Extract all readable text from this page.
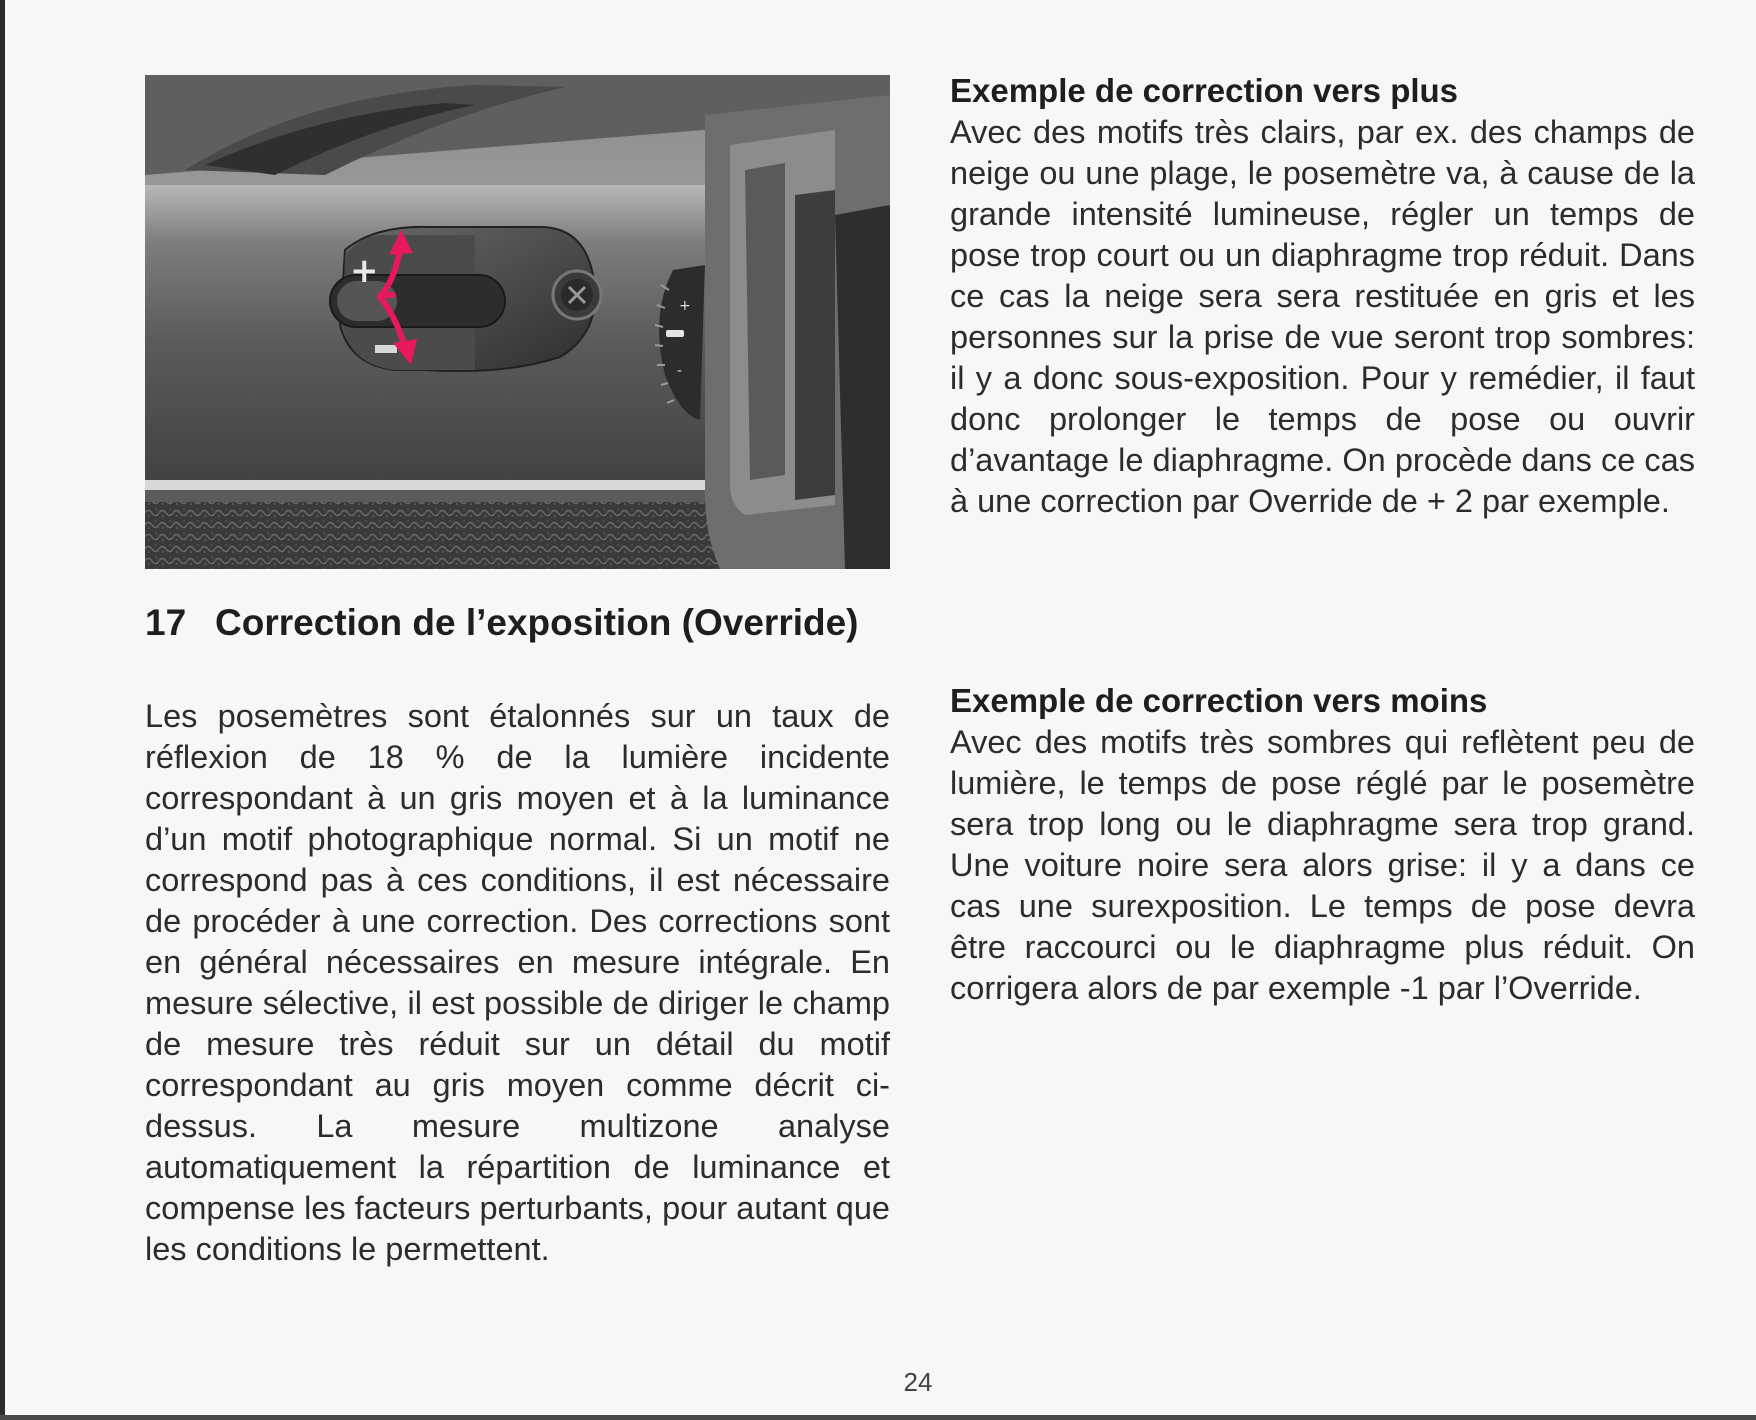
+
-
+
17 Correction de l’exposition (Override)

Les posemètres sont étalonnés sur un taux de réflexion de 18 % de la lumière incidente correspondant à un gris moyen et à la luminance d’un motif photographique normal. Si un motif ne correspond pas à ces conditions, il est nécessaire de procéder à une correction. Des corrections sont en général nécessaires en mesure intégrale. En mesure sélective, il est possible de diriger le champ de mesure très réduit sur un détail du motif correspondant au gris moyen comme décrit ci-dessus. La mesure multizone analyse automatiquement la répartition de luminance et compense les facteurs perturbants, pour autant que les conditions le permettent.

Exemple de correction vers plus

Avec des motifs très clairs, par ex. des champs de neige ou une plage, le posemètre va, à cause de la grande intensité lumineuse, régler un temps de pose trop court ou un diaphragme trop réduit. Dans ce cas la neige sera sera restituée en gris et les personnes sur la prise de vue seront trop sombres: il y a donc sous-exposition. Pour y remédier, il faut donc prolonger le temps de pose ou ouvrir d’avantage le diaphragme. On procède dans ce cas à une correction par Override de + 2 par exemple.

Exemple de correction vers moins

Avec des motifs très sombres qui reflètent peu de lumière, le temps de pose réglé par le posemètre sera trop long ou le diaphragme sera trop grand. Une voiture noire sera alors grise: il y a dans ce cas une surexposition. Le temps de pose devra être raccourci ou le diaphragme plus réduit. On corrigera alors de par exemple -1 par l’Override.

24
